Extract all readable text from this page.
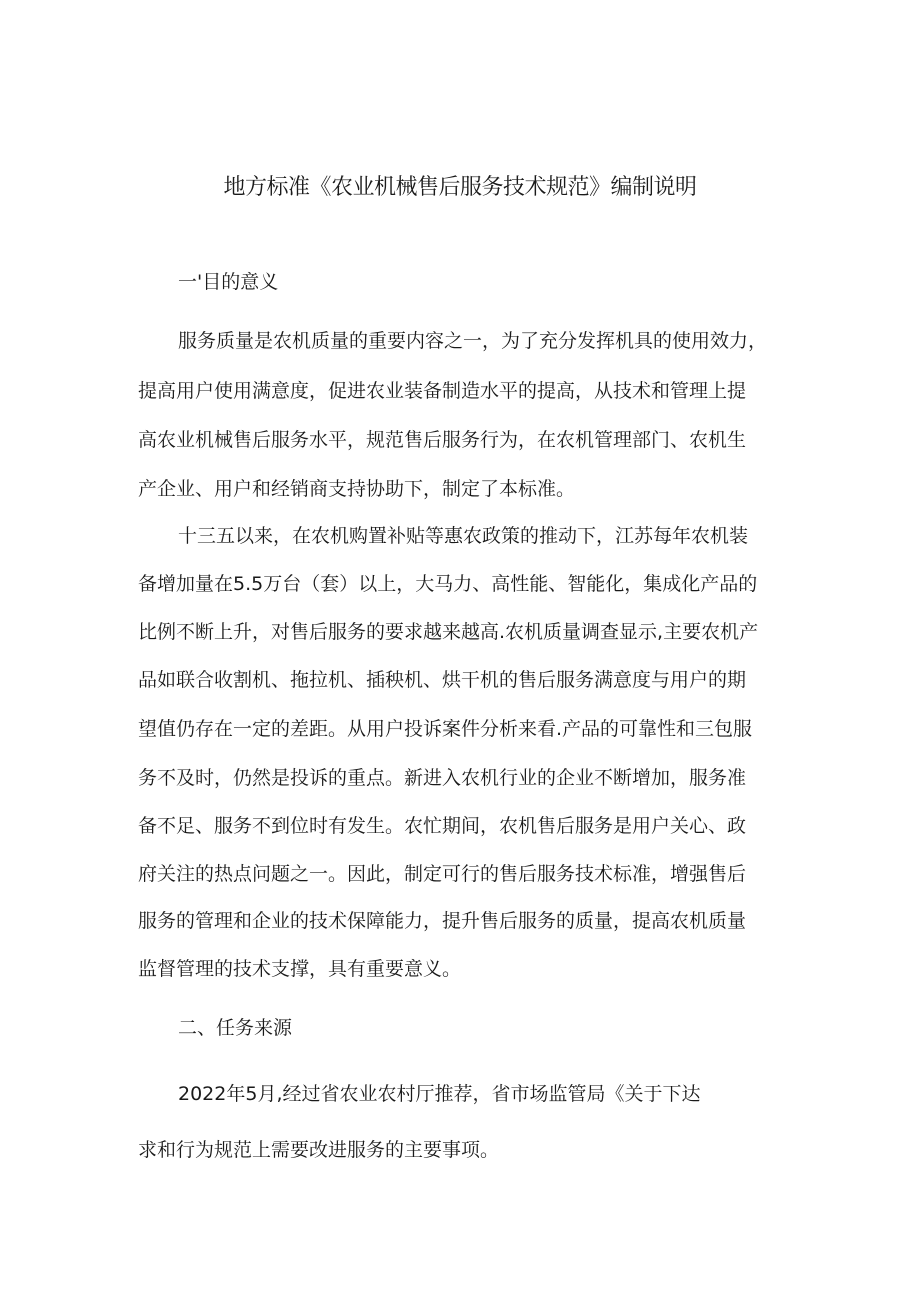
地方标准《农业机械售后服务技术规范》编制说明
一'目的意义

服务质量是农机质量的重要内容之一，为了充分发挥机具的使用效力，

提高用户使用满意度，促进农业装备制造水平的提高，从技术和管理上提

高农业机械售后服务水平，规范售后服务行为，在农机管理部门、农机生

产企业、用户和经销商支持协助下，制定了本标准。

十三五以来，在农机购置补贴等惠农政策的推动下，江苏每年农机装

备增加量在5.5万台（套）以上，大马力、高性能、智能化，集成化产品的

比例不断上升，对售后服务的要求越来越高.农机质量调查显示,主要农机产

品如联合收割机、拖拉机、插秧机、烘干机的售后服务满意度与用户的期

望值仍存在一定的差距。从用户投诉案件分析来看.产品的可靠性和三包服

务不及时，仍然是投诉的重点。新进入农机行业的企业不断增加，服务准

备不足、服务不到位时有发生。农忙期间，农机售后服务是用户关心、政

府关注的热点问题之一。因此，制定可行的售后服务技术标准，增强售后

服务的管理和企业的技术保障能力，提升售后服务的质量，提高农机质量

监督管理的技术支撑，具有重要意义。

二、任务来源

2022年5月,经过省农业农村厅推荐，省市场监管局《关于下达

求和行为规范上需要改进服务的主要事项。
